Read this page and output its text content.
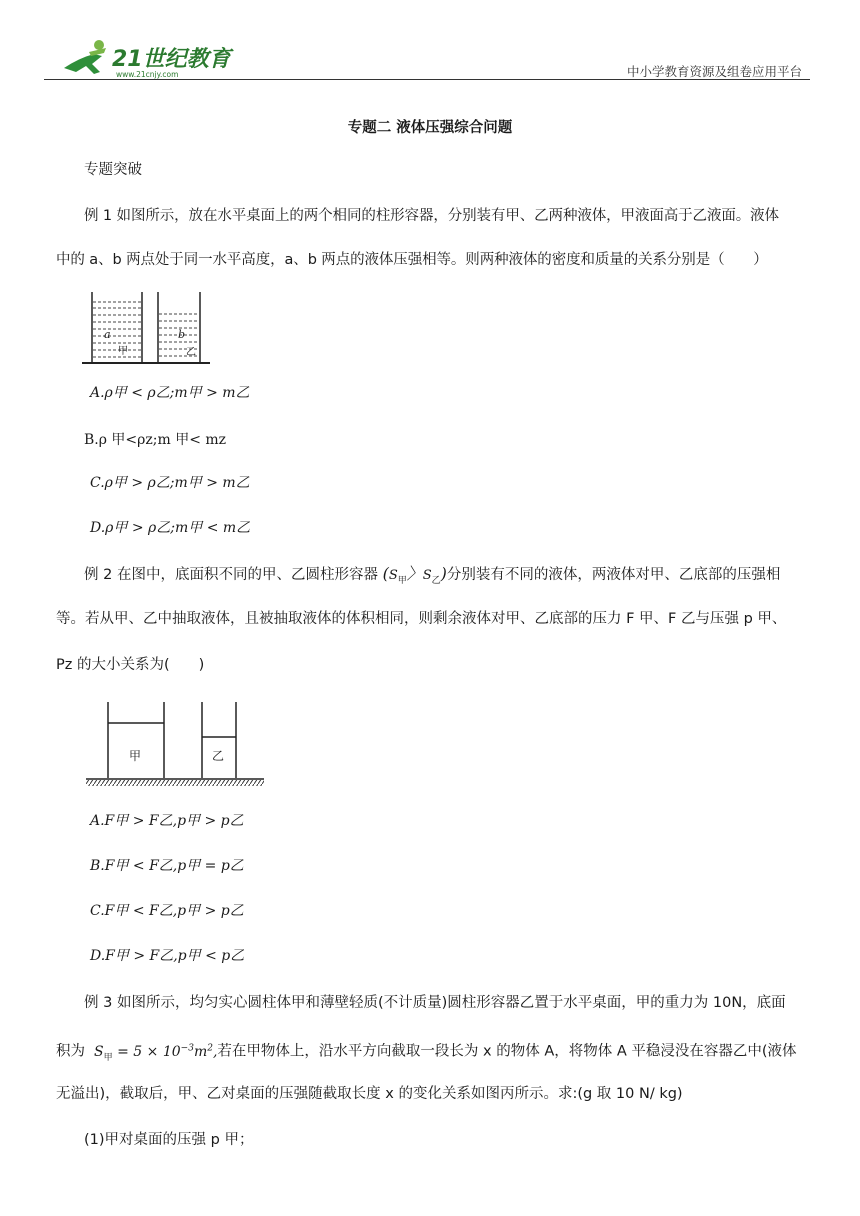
21世纪教育
www.21cnjy.com	中小学教育资源及组卷应用平台
专题二 液体压强综合问题
专题突破
例 1 如图所示，放在水平桌面上的两个相同的柱形容器，分别装有甲、乙两种液体，甲液面高于乙液面。液体
中的 a、b 两点处于同一水平高度，a、b 两点的液体压强相等。则两种液体的密度和质量的关系分别是（　　）
a
甲
b
乙
A.ρ甲 < ρ乙;m甲 > m乙
B.ρ 甲<ρz;m 甲< mz
C.ρ甲 > ρ乙;m甲 > m乙
D.ρ甲 > ρ乙;m甲 < m乙
例 2 在图中，底面积不同的甲、乙圆柱形容器 ($S_甲$〉$S_乙$)分别装有不同的液体，两液体对甲、乙底部的压强相
等。若从甲、乙中抽取液体，且被抽取液体的体积相同，则剩余液体对甲、乙底部的压力 F 甲、F 乙与压强 p 甲、
Pz 的大小关系为(　　)
甲	乙
A.F甲 > F乙,p甲 > p乙
B.F甲 < F乙,p甲 = p乙
C.F甲 < F乙,p甲 > p乙
D.F甲 > F乙,p甲 < p乙
例 3 如图所示，均匀实心圆柱体甲和薄壁轻质(不计质量)圆柱形容器乙置于水平桌面，甲的重力为 10N，底面
积为  $S_甲 = 5 \times 10^{-3}m^2$,若在甲物体上，沿水平方向截取一段长为 x 的物体 A，将物体 A 平稳浸没在容器乙中(液体
无溢出)，截取后，甲、乙对桌面的压强随截取长度 x 的变化关系如图丙所示。求:(g 取 10 N/ kg)
(1)甲对桌面的压强 p 甲；
